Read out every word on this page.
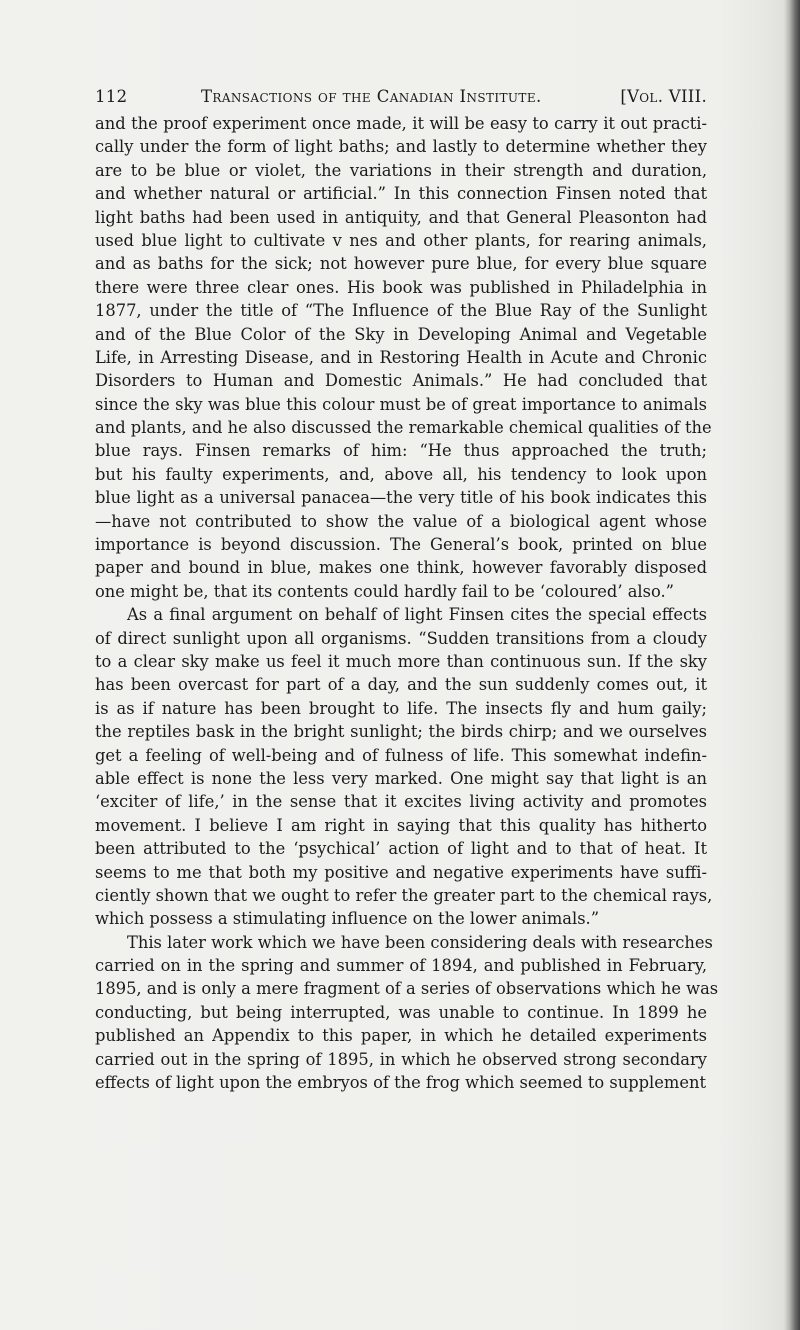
112	Transactions of the Canadian Institute.	[Vol. VIII.
and the proof experiment once made, it will be easy to carry it out practi-
cally under the form of light baths; and lastly to determine whether they
are to be blue or violet, the variations in their strength and duration,
and whether natural or artificial.” In this connection Finsen noted that
light baths had been used in antiquity, and that General Pleasonton had
used blue light to cultivate v nes and other plants, for rearing animals,
and as baths for the sick; not however pure blue, for every blue square
there were three clear ones. His book was published in Philadelphia in
1877, under the title of “The Influence of the Blue Ray of the Sunlight
and of the Blue Color of the Sky in Developing Animal and Vegetable
Life, in Arresting Disease, and in Restoring Health in Acute and Chronic
Disorders to Human and Domestic Animals.” He had concluded that
since the sky was blue this colour must be of great importance to animals
and plants, and he also discussed the remarkable chemical qualities of the
blue rays. Finsen remarks of him: “He thus approached the truth;
but his faulty experiments, and, above all, his tendency to look upon
blue light as a universal panacea—the very title of his book indicates this
—have not contributed to show the value of a biological agent whose
importance is beyond discussion. The General’s book, printed on blue
paper and bound in blue, makes one think, however favorably disposed
one might be, that its contents could hardly fail to be ‘coloured’ also.”
As a final argument on behalf of light Finsen cites the special effects
of direct sunlight upon all organisms. “Sudden transitions from a cloudy
to a clear sky make us feel it much more than continuous sun. If the sky
has been overcast for part of a day, and the sun suddenly comes out, it
is as if nature has been brought to life. The insects fly and hum gaily;
the reptiles bask in the bright sunlight; the birds chirp; and we ourselves
get a feeling of well-being and of fulness of life. This somewhat indefin-
able effect is none the less very marked. One might say that light is an
‘exciter of life,’ in the sense that it excites living activity and promotes
movement. I believe I am right in saying that this quality has hitherto
been attributed to the ‘psychical’ action of light and to that of heat. It
seems to me that both my positive and negative experiments have suffi-
ciently shown that we ought to refer the greater part to the chemical rays,
which possess a stimulating influence on the lower animals.”
This later work which we have been considering deals with researches
carried on in the spring and summer of 1894, and published in February,
1895, and is only a mere fragment of a series of observations which he was
conducting, but being interrupted, was unable to continue. In 1899 he
published an Appendix to this paper, in which he detailed experiments
carried out in the spring of 1895, in which he observed strong secondary
effects of light upon the embryos of the frog which seemed to supplement
